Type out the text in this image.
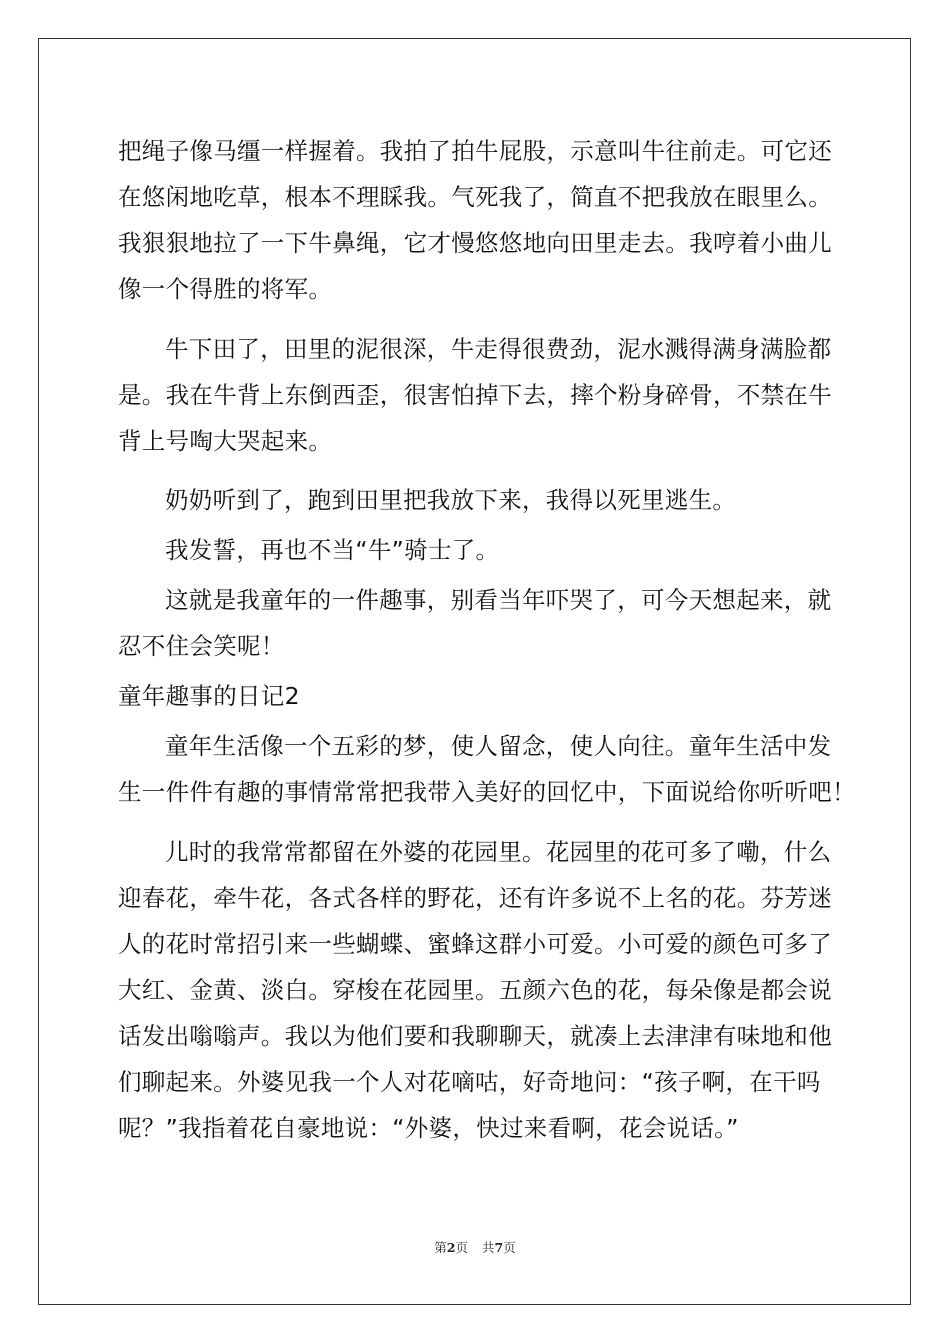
把绳子像马缰一样握着。我拍了拍牛屁股，示意叫牛往前走。可它还
在悠闲地吃草，根本不理睬我。气死我了，简直不把我放在眼里么。
我狠狠地拉了一下牛鼻绳，它才慢悠悠地向田里走去。我哼着小曲儿
像一个得胜的将军。
牛下田了，田里的泥很深，牛走得很费劲，泥水溅得满身满脸都
是。我在牛背上东倒西歪，很害怕掉下去，摔个粉身碎骨，不禁在牛
背上号啕大哭起来。
奶奶听到了，跑到田里把我放下来，我得以死里逃生。
我发誓，再也不当“牛”骑士了。
这就是我童年的一件趣事，别看当年吓哭了，可今天想起来，就
忍不住会笑呢！
童年趣事的日记2
童年生活像一个五彩的梦，使人留念，使人向往。童年生活中发
生一件件有趣的事情常常把我带入美好的回忆中，下面说给你听听吧！
儿时的我常常都留在外婆的花园里。花园里的花可多了嘞，什么
迎春花，牵牛花，各式各样的野花，还有许多说不上名的花。芬芳迷
人的花时常招引来一些蝴蝶、蜜蜂这群小可爱。小可爱的颜色可多了
大红、金黄、淡白。穿梭在花园里。五颜六色的花，每朵像是都会说
话发出嗡嗡声。我以为他们要和我聊聊天，就凑上去津津有味地和他
们聊起来。外婆见我一个人对花嘀咕，好奇地问：“孩子啊，在干吗
呢？”我指着花自豪地说：“外婆，快过来看啊，花会说话。”
第2页 共7页
